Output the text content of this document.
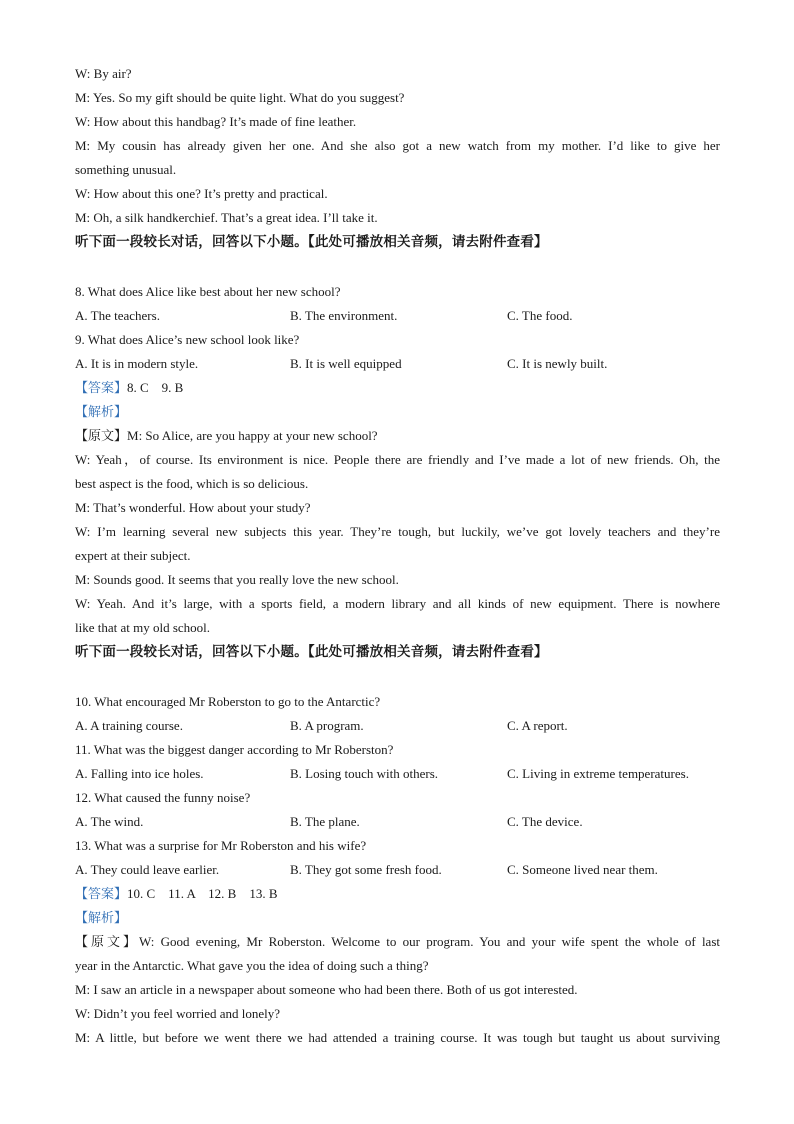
W: By air?
M: Yes. So my gift should be quite light. What do you suggest?
W: How about this handbag? It’s made of fine leather.
M: My cousin has already given her one. And she also got a new watch from my mother. I’d like to give her
something unusual.
W: How about this one? It’s pretty and practical.
M: Oh, a silk handkerchief. That’s a great idea. I’ll take it.
听下面一段较长对话，回答以下小题。【此处可播放相关音频，请去附件查看】
8. What does Alice like best about her new school?
A. The teachers.	B. The environment.	C. The food.
9. What does Alice’s new school look like?
A. It is in modern style.	B. It is well equipped	C. It is newly built.
【答案】8. C    9. B
【解析】
【原文】M: So Alice, are you happy at your new school?
W: Yeah，of course. Its environment is nice. People there are friendly and I’ve made a lot of new friends. Oh, the
best aspect is the food, which is so delicious.
M: That’s wonderful. How about your study?
W: I’m learning several new subjects this year. They’re tough, but luckily, we’ve got lovely teachers and they’re
expert at their subject.
M: Sounds good. It seems that you really love the new school.
W: Yeah. And it’s large, with a sports field, a modern library and all kinds of new equipment. There is nowhere
like that at my old school.
听下面一段较长对话，回答以下小题。【此处可播放相关音频，请去附件查看】
10. What encouraged Mr Roberston to go to the Antarctic?
A. A training course.	B. A program.	C. A report.
11. What was the biggest danger according to Mr Roberston?
A. Falling into ice holes.	B. Losing touch with others.	C. Living in extreme temperatures.
12. What caused the funny noise?
A. The wind.	B. The plane.	C. The device.
13. What was a surprise for Mr Roberston and his wife?
A. They could leave earlier.	B. They got some fresh food.	C. Someone lived near them.
【答案】10. C    11. A    12. B    13. B
【解析】
【原文】W: Good evening, Mr Roberston. Welcome to our program. You and your wife spent the whole of last
year in the Antarctic. What gave you the idea of doing such a thing?
M: I saw an article in a newspaper about someone who had been there. Both of us got interested.
W: Didn’t you feel worried and lonely?
M: A little, but before we went there we had attended a training course. It was tough but taught us about surviving
